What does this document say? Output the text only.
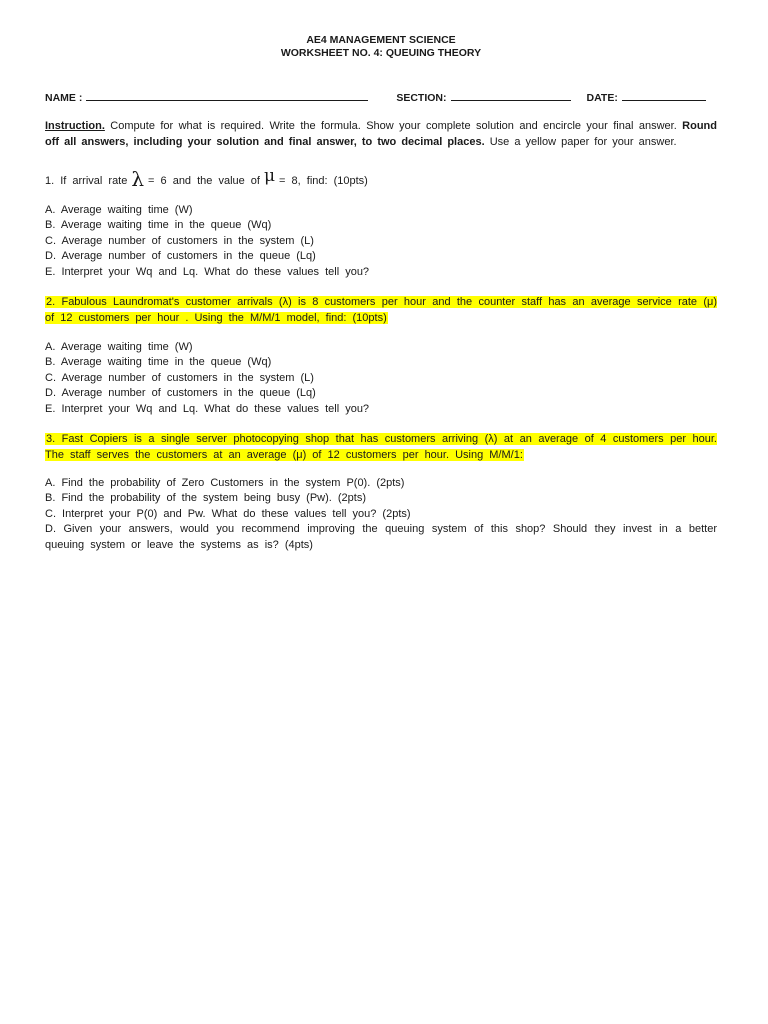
AE4 MANAGEMENT SCIENCE
WORKSHEET NO. 4: QUEUING THEORY
NAME :	SECTION:	DATE:
Instruction. Compute for what is required. Write the formula. Show your complete solution and encircle your final answer. Round off all answers, including your solution and final answer, to two decimal places. Use a yellow paper for your answer.
1. If arrival rate λ = 6 and the value of μ = 8, find: (10pts)
A. Average waiting time (W)
B. Average waiting time in the queue (Wq)
C. Average number of customers in the system (L)
D. Average number of customers in the queue (Lq)
E. Interpret your Wq and Lq. What do these values tell you?
2. Fabulous Laundromat's customer arrivals (λ) is 8 customers per hour and the counter staff has an average service rate (μ) of 12 customers per hour . Using the M/M/1 model, find: (10pts)
A. Average waiting time (W)
B. Average waiting time in the queue (Wq)
C. Average number of customers in the system (L)
D. Average number of customers in the queue (Lq)
E. Interpret your Wq and Lq. What do these values tell you?
3. Fast Copiers is a single server photocopying shop that has customers arriving (λ) at an average of 4 customers per hour. The staff serves the customers at an average (μ) of 12 customers per hour. Using M/M/1:
A. Find the probability of Zero Customers in the system P(0). (2pts)
B. Find the probability of the system being busy (Pw). (2pts)
C. Interpret your P(0) and Pw. What do these values tell you? (2pts)
D. Given your answers, would you recommend improving the queuing system of this shop? Should they invest in a better queuing system or leave the systems as is? (4pts)
